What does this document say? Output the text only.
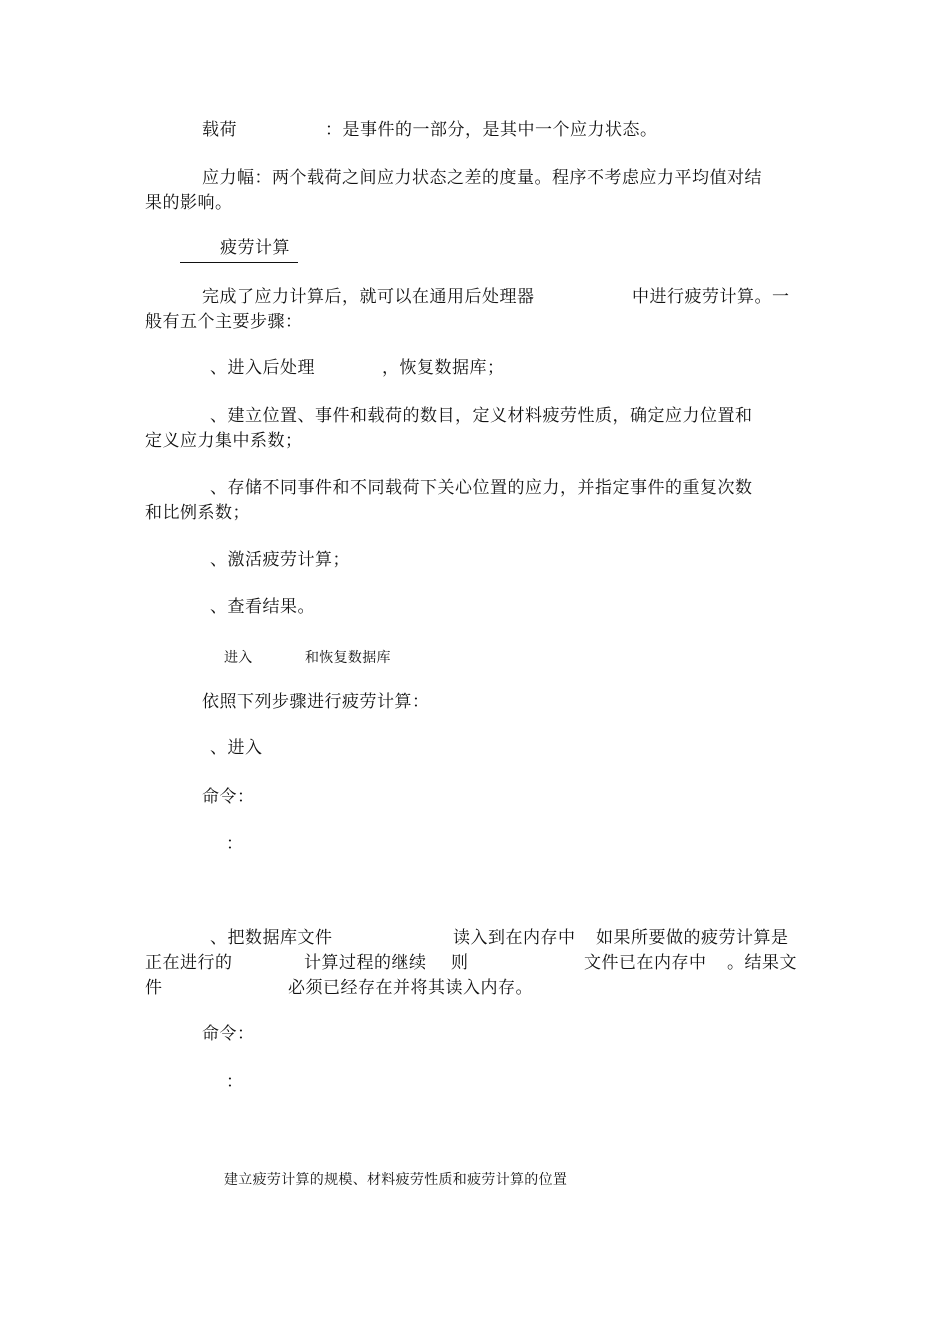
载荷	：是事件的一部分，是其中一个应力状态。
应力幅：两个载荷之间应力状态之差的度量。程序不考虑应力平均值对结
果的影响。
疲劳计算
完成了应力计算后，就可以在通用后处理器	中进行疲劳计算。一
般有五个主要步骤：
、进入后处理	，恢复数据库；
、建立位置、事件和载荷的数目，定义材料疲劳性质，确定应力位置和
定义应力集中系数；
、存储不同事件和不同载荷下关心位置的应力，并指定事件的重复次数
和比例系数；
、激活疲劳计算；
、查看结果。
进入	和恢复数据库
依照下列步骤进行疲劳计算：
、进入
命令：
：
、把数据库文件	读入到在内存中 如果所要做的疲劳计算是
正在进行的	计算过程的继续 则	文件已在内存中 。结果文
件	必须已经存在并将其读入内存。
命令：
：
建立疲劳计算的规模、材料疲劳性质和疲劳计算的位置
